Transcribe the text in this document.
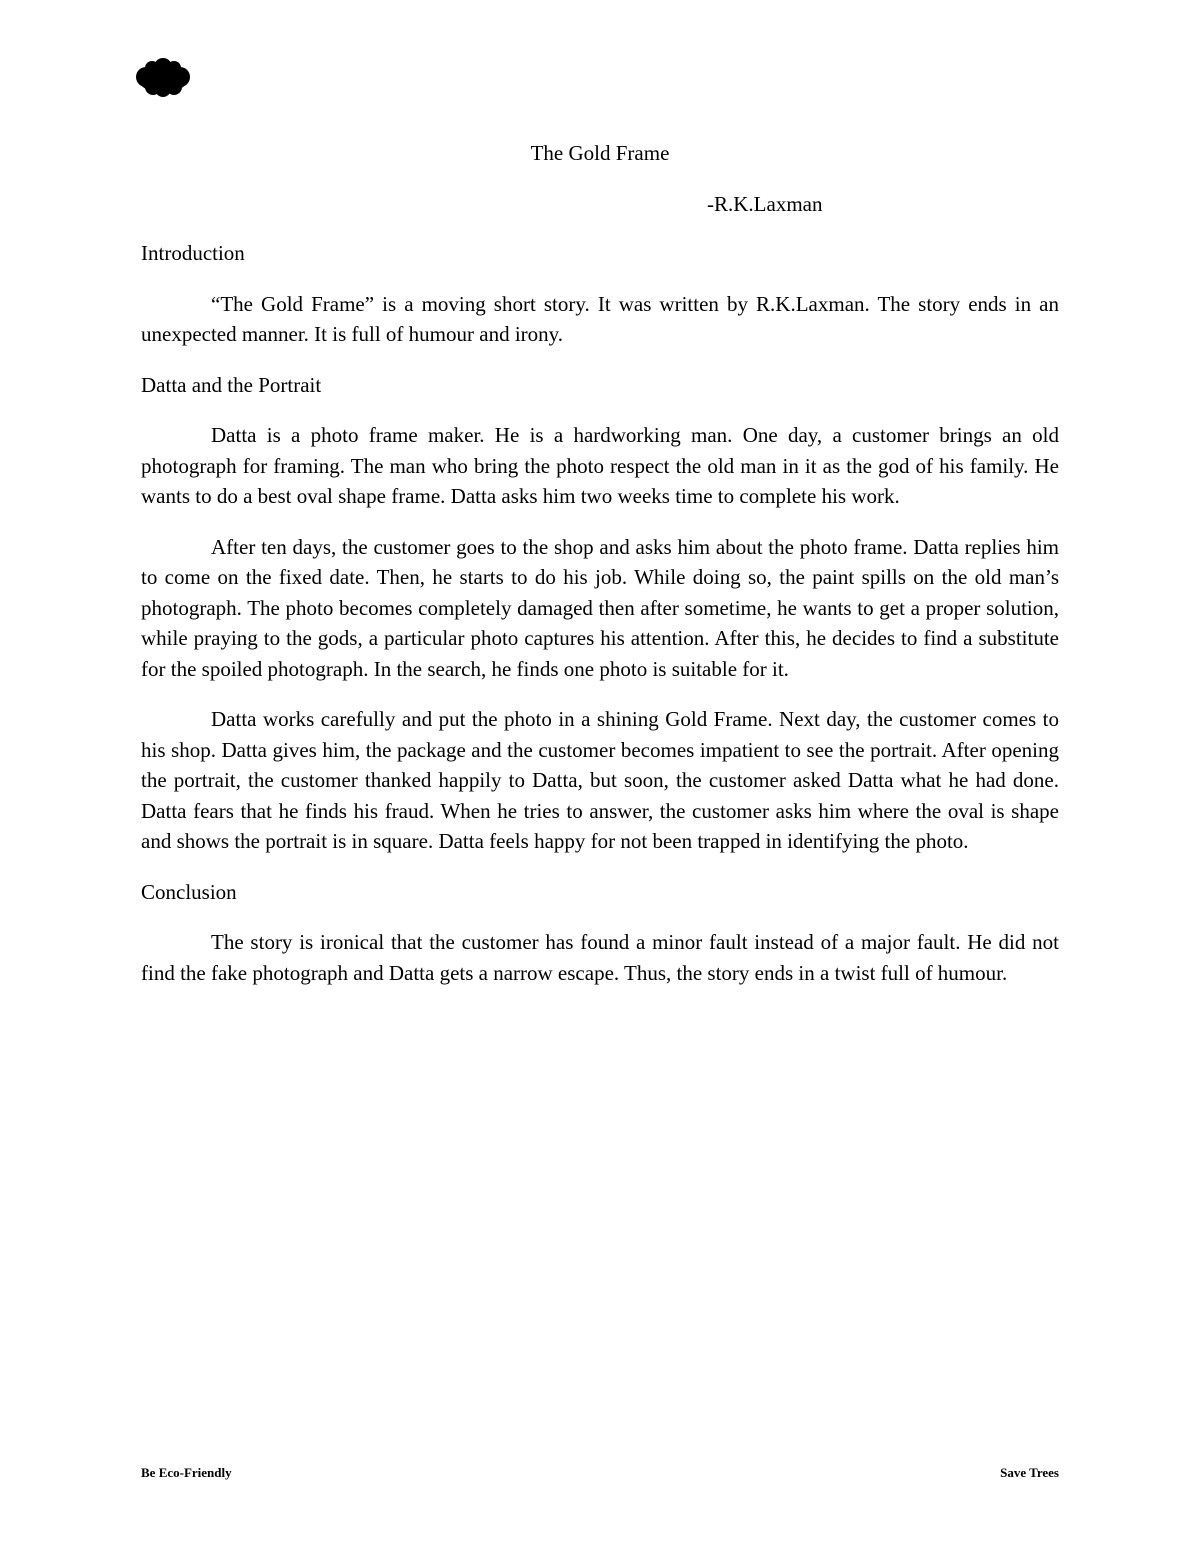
The Gold Frame

-R.K.Laxman

Introduction

“The Gold Frame” is a moving short story. It was written by R.K.Laxman. The story ends in an unexpected manner. It is full of humour and irony.

Datta and the Portrait

Datta is a photo frame maker. He is a hardworking man. One day, a customer brings an old photograph for framing. The man who bring the photo respect the old man in it as the god of his family. He wants to do a best oval shape frame. Datta asks him two weeks time to complete his work.

After ten days, the customer goes to the shop and asks him about the photo frame. Datta replies him to come on the fixed date. Then, he starts to do his job. While doing so, the paint spills on the old man’s photograph. The photo becomes completely damaged then after sometime, he wants to get a proper solution, while praying to the gods, a particular photo captures his attention. After this, he decides to find a substitute for the spoiled photograph. In the search, he finds one photo is suitable for it.

Datta works carefully and put the photo in a shining Gold Frame. Next day, the customer comes to his shop. Datta gives him, the package and the customer becomes impatient to see the portrait. After opening the portrait, the customer thanked happily to Datta, but soon, the customer asked Datta what he had done. Datta fears that he finds his fraud. When he tries to answer, the customer asks him where the oval is shape and shows the portrait is in square. Datta feels happy for not been trapped in identifying the photo.

Conclusion

The story is ironical that the customer has found a minor fault instead of a major fault. He did not find the fake photograph and Datta gets a narrow escape. Thus, the story ends in a twist full of humour.

Be Eco-Friendly	Save Trees
